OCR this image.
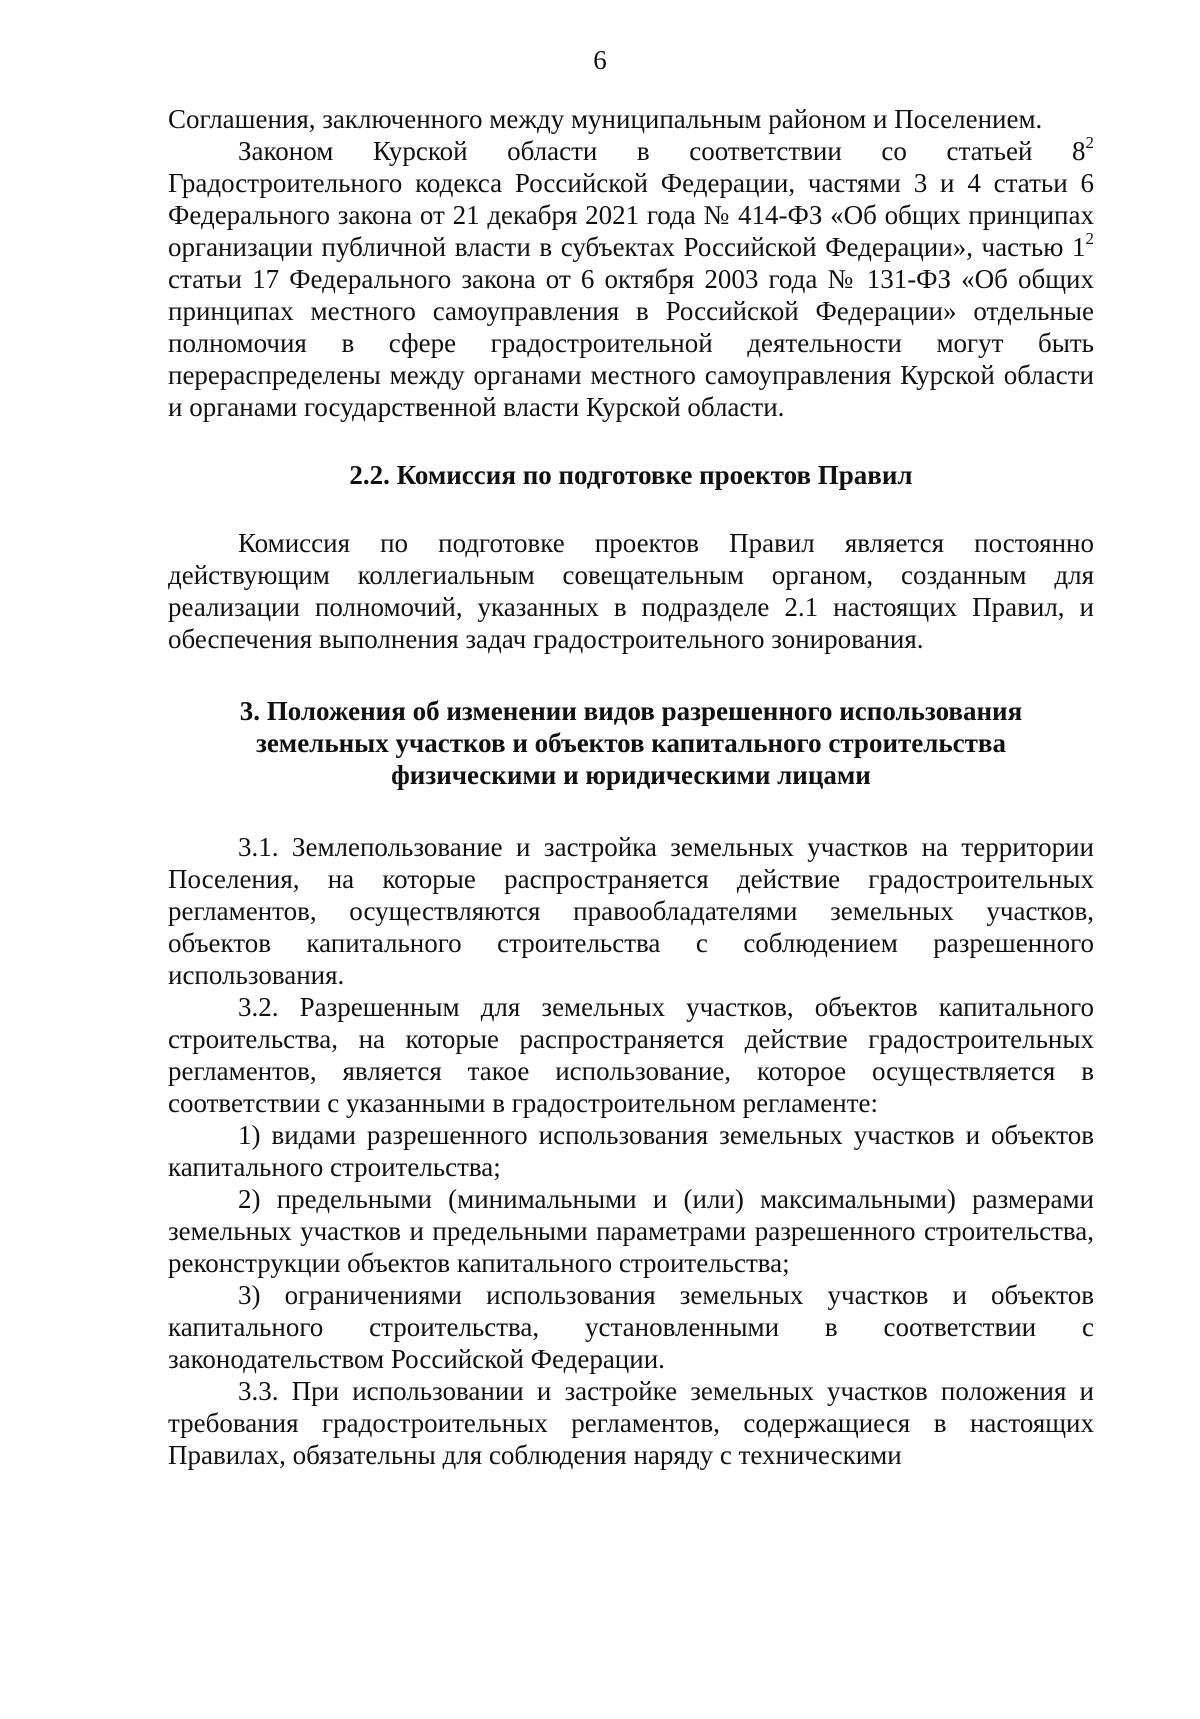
6

Соглашения, заключенного между муниципальным районом и Поселением.

Законом Курской области в соответствии со статьей $8^2$ Градостроительного кодекса Российской Федерации, частями 3 и 4 статьи 6 Федерального закона от 21 декабря 2021 года № 414-ФЗ «Об общих принципах организации публичной власти в субъектах Российской Федерации», частью $1^2$ статьи 17 Федерального закона от 6 октября 2003 года № 131-ФЗ «Об общих принципах местного самоуправления в Российской Федерации» отдельные полномочия в сфере градостроительной деятельности могут быть перераспределены между органами местного самоуправления Курской области и органами государственной власти Курской области.

2.2. Комиссия по подготовке проектов Правил

Комиссия по подготовке проектов Правил является постоянно действующим коллегиальным совещательным органом, созданным для реализации полномочий, указанных в подразделе 2.1 настоящих Правил, и обеспечения выполнения задач градостроительного зонирования.

3. Положения об изменении видов разрешенного использования
земельных участков и объектов капитального строительства
физическими и юридическими лицами

3.1. Землепользование и застройка земельных участков на территории Поселения, на которые распространяется действие градостроительных регламентов, осуществляются правообладателями земельных участков, объектов капитального строительства с соблюдением разрешенного использования.

3.2. Разрешенным для земельных участков, объектов капитального строительства, на которые распространяется действие градостроительных регламентов, является такое использование, которое осуществляется в соответствии с указанными в градостроительном регламенте:

1) видами разрешенного использования земельных участков и объектов капитального строительства;

2) предельными (минимальными и (или) максимальными) размерами земельных участков и предельными параметрами разрешенного строительства, реконструкции объектов капитального строительства;

3) ограничениями использования земельных участков и объектов капитального строительства, установленными в соответствии с законодательством Российской Федерации.

3.3. При использовании и застройке земельных участков положения и требования градостроительных регламентов, содержащиеся в настоящих Правилах, обязательны для соблюдения наряду с техническими
